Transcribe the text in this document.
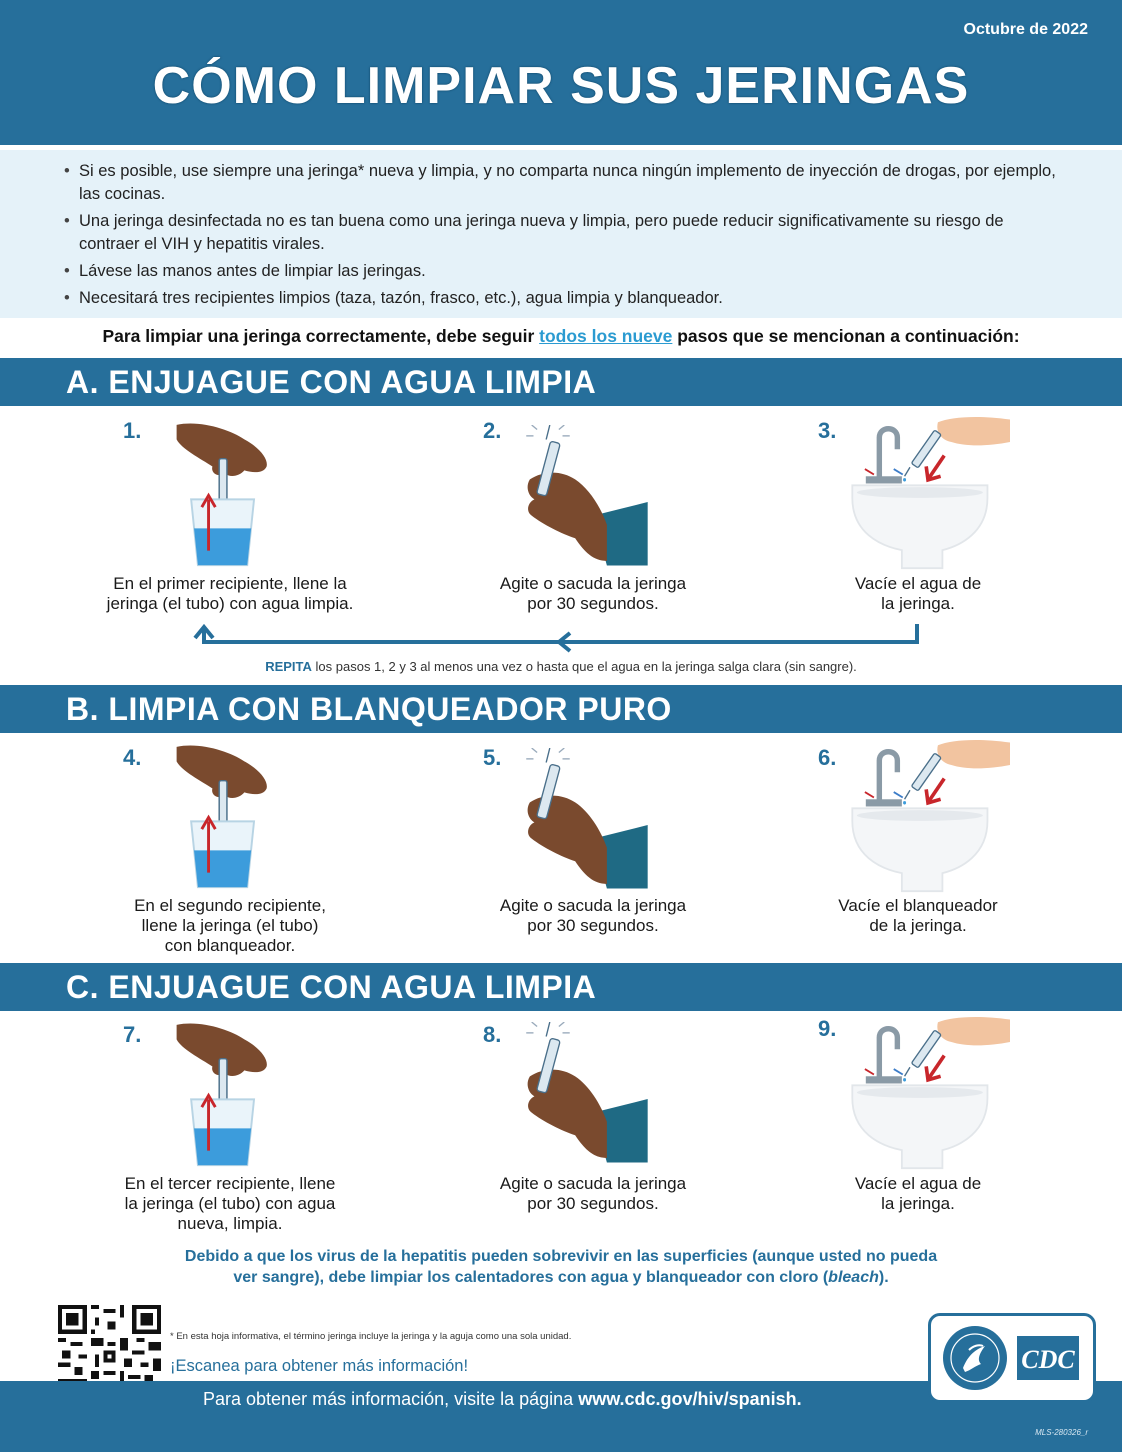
Octubre de 2022
CÓMO LIMPIAR SUS JERINGAS
• Si es posible, use siempre una jeringa* nueva y limpia, y no comparta nunca ningún implemento de inyección de drogas, por ejemplo, las cocinas.
• Una jeringa desinfectada no es tan buena como una jeringa nueva y limpia, pero puede reducir significativamente su riesgo de contraer el VIH y hepatitis virales.
• Lávese las manos antes de limpiar las jeringas.
• Necesitará tres recipientes limpios (taza, tazón, frasco, etc.), agua limpia y blanqueador.
Para limpiar una jeringa correctamente, debe seguir todos los nueve pasos que se mencionan a continuación:
A. ENJUAGUE CON AGUA LIMPIA
1.
En el primer recipiente, llene la
jeringa (el tubo) con agua limpia.
2.
Agite o sacuda la jeringa
por 30 segundos.
3.
Vacíe el agua de
la jeringa.
REPITA los pasos 1, 2 y 3 al menos una vez o hasta que el agua en la jeringa salga clara (sin sangre).
B. LIMPIA CON BLANQUEADOR PURO
4.
En el segundo recipiente,
llene la jeringa (el tubo)
con blanqueador.
5.
Agite o sacuda la jeringa
por 30 segundos.
6.
Vacíe el blanqueador
de la jeringa.
C. ENJUAGUE CON AGUA LIMPIA
7.
En el tercer recipiente, llene
la jeringa (el tubo) con agua
nueva, limpia.
8.
Agite o sacuda la jeringa
por 30 segundos.
9.
Vacíe el agua de
la jeringa.
Debido a que los virus de la hepatitis pueden sobrevivir en las superficies (aunque usted no pueda
ver sangre), debe limpiar los calentadores con agua y blanqueador con cloro (bleach).
* En esta hoja informativa, el término jeringa incluye la jeringa y la aguja como una sola unidad.
¡Escanea para obtener más información!
Para obtener más información, visite la página www.cdc.gov/hiv/spanish.
MLS-280326_r
CDC
